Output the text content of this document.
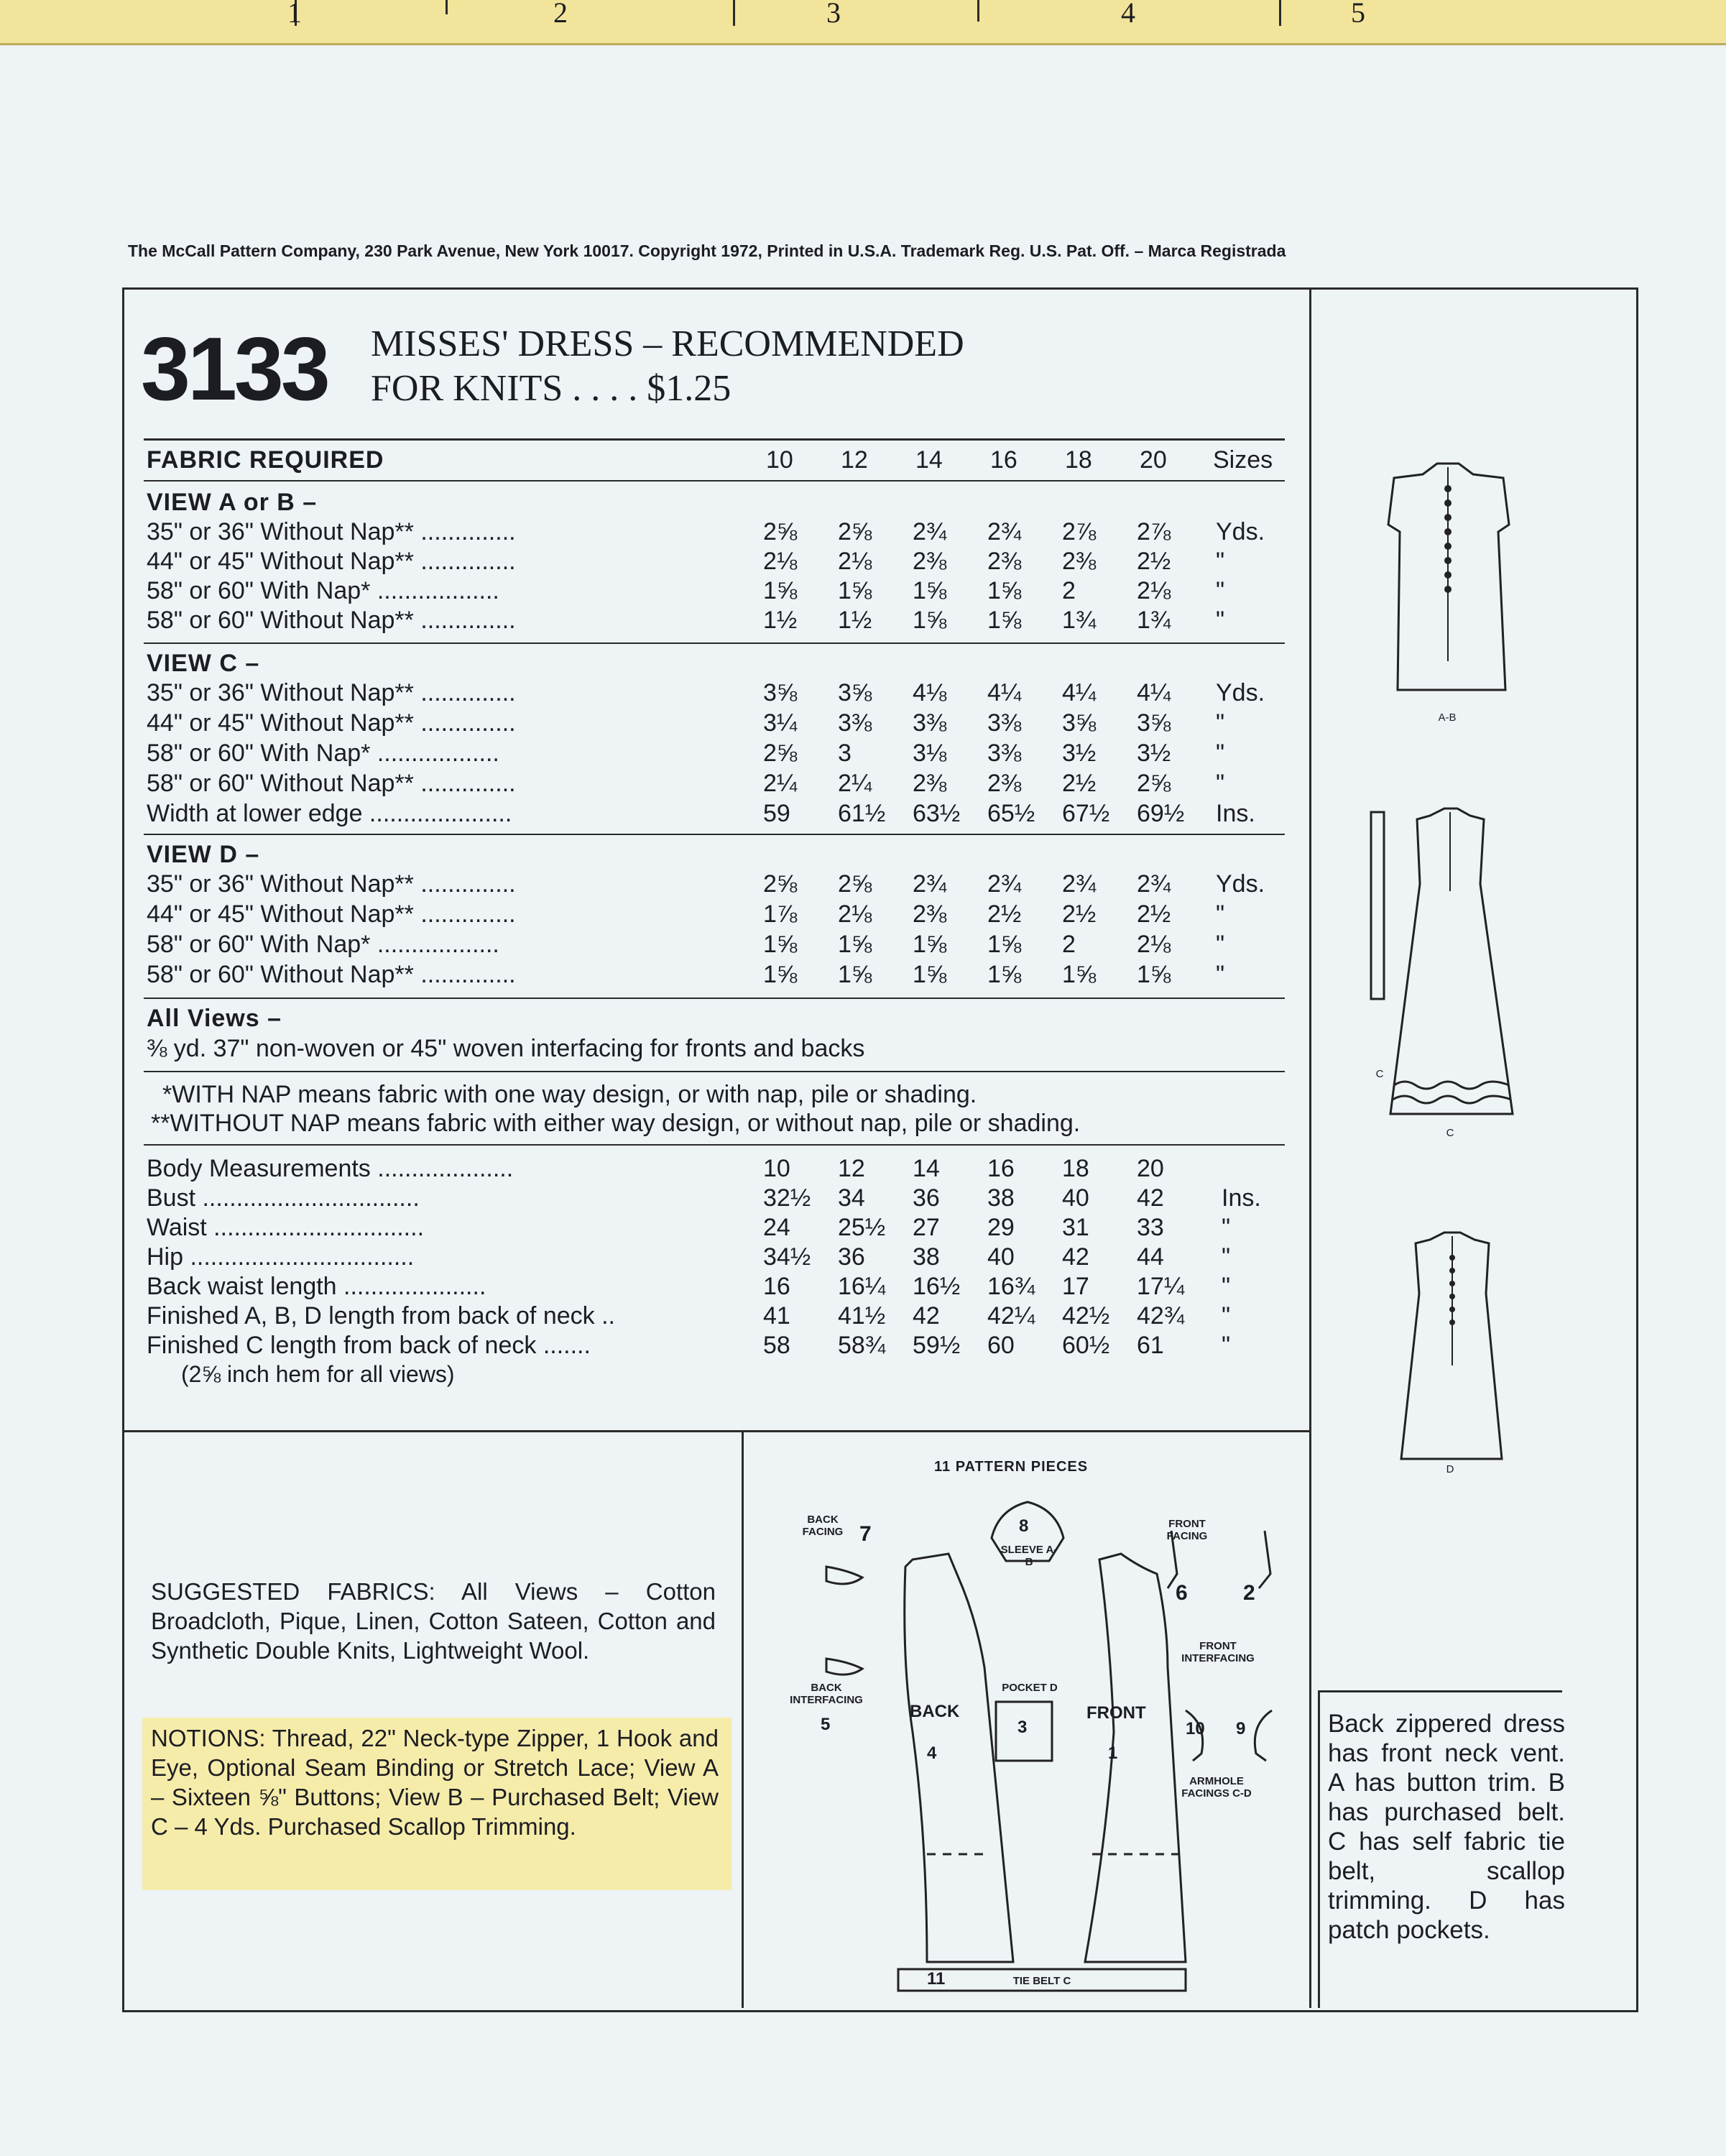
1	2	3	4	5
The McCall Pattern Company, 230 Park Avenue, New York 10017. Copyright 1972, Printed in U.S.A. Trademark Reg. U.S. Pat. Off. – Marca Registrada
3133 MISSES' DRESS – RECOMMENDED
FOR KNITS . . . . $1.25
FABRIC REQUIRED	10 12 14 16 18 20 Sizes
VIEW A or B –
35" or 36" Without Nap** ..............	2⅝ 2⅝ 2¾ 2¾ 2⅞ 2⅞ Yds.
44" or 45" Without Nap** ..............	2⅛ 2⅛ 2⅜ 2⅜ 2⅜ 2½ "
58" or 60" With Nap* ..................	1⅝ 1⅝ 1⅝ 1⅝ 2	2⅛ "
58" or 60" Without Nap** ..............	1½ 1½ 1⅝ 1⅝ 1¾ 1¾ "
VIEW C –
35" or 36" Without Nap** ..............	3⅝ 3⅝ 4⅛ 4¼ 4¼ 4¼ Yds.
44" or 45" Without Nap** ..............	3¼ 3⅜ 3⅜ 3⅜ 3⅝ 3⅝ "
58" or 60" With Nap* ..................	2⅝ 3	3⅛ 3⅜ 3½ 3½ "
58" or 60" Without Nap** ..............	2¼ 2¼ 2⅜ 2⅜ 2½ 2⅝ "
Width at lower edge .....................	59 61½ 63½ 65½ 67½ 69½ Ins.
VIEW D –
35" or 36" Without Nap** ..............	2⅝ 2⅝ 2¾ 2¾ 2¾ 2¾ Yds.
44" or 45" Without Nap** ..............	1⅞ 2⅛ 2⅜ 2½ 2½ 2½ "
58" or 60" With Nap* ..................	1⅝ 1⅝ 1⅝ 1⅝ 2	2⅛ "
58" or 60" Without Nap** ..............	1⅝ 1⅝ 1⅝ 1⅝ 1⅝ 1⅝ "
All Views –
⅜ yd. 37" non-woven or 45" woven interfacing for fronts and backs
*WITH NAP means fabric with one way design, or with nap, pile or shading.
**WITHOUT NAP means fabric with either way design, or without nap, pile or shading.
Body Measurements ....................	10 12 14 16 18 20
Bust ................................	32½ 34 36 38 40 42 Ins.
Waist ...............................	24 25½ 27 29 31 33 "
Hip .................................	34½ 36 38 40 42 44 "
Back waist length .....................	16 16¼ 16½ 16¾ 17 17¼ "
Finished A, B, D length from back of neck ..	41 41½ 42 42¼ 42½ 42¾ "
Finished C length from back of neck .......	58 58¾ 59½ 60 60½ 61 "
(2⅝ inch hem for all views)
SUGGESTED FABRICS: All Views – Cotton Broadcloth, Pique, Linen, Cotton Sateen, Cotton and Synthetic Double Knits, Lightweight Wool.
NOTIONS: Thread, 22" Neck-type Zipper, 1 Hook and Eye, Optional Seam Binding or Stretch Lace; View A – Sixteen ⅝" Buttons; View B – Purchased Belt; View C – 4 Yds. Purchased Scallop Trimming.
11 PATTERN PIECES
BACK FACING 7	8
SLEEVE A-B
FRONT FACING
6	2
FRONT INTERFACING
BACK INTERFACING
5
BACK
4
POCKET D
3
FRONT
1
10 9
ARMHOLE FACINGS C-D
11	TIE BELT C
A-B
C
C
D
Back zippered dress has front neck vent. A has button trim. B has purchased belt. C has self fabric tie belt, scallop trimming. D has patch pockets.
